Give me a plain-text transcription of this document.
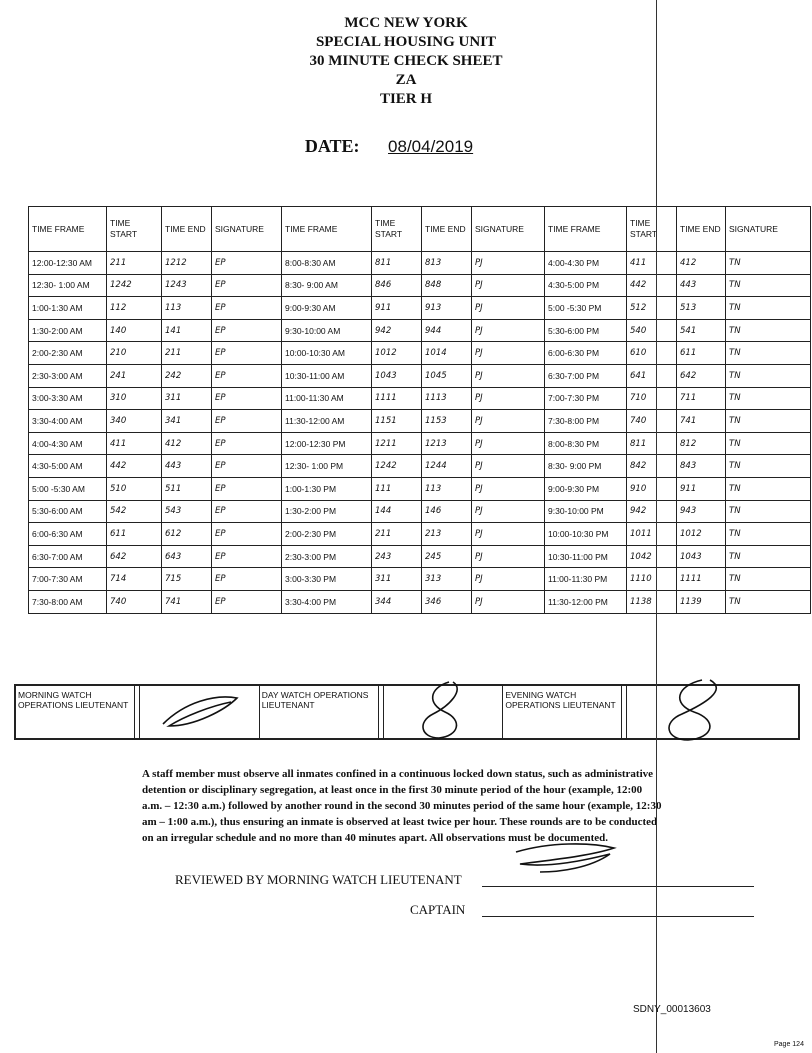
MCC NEW YORK
SPECIAL HOUSING UNIT
30 MINUTE CHECK SHEET
ZA
TIER H
DATE: 08/04/2019
TIME FRAME	TIME START	TIME END	SIGNATURE	TIME FRAME	TIME START	TIME END	SIGNATURE	TIME FRAME	TIME START	TIME END	SIGNATURE
12:00-12:30 AM	211	1212	EP	8:00-8:30 AM	811	813	PJ	4:00-4:30 PM	411	412	TN
12:30- 1:00 AM	1242	1243	EP	8:30- 9:00 AM	846	848	PJ	4:30-5:00 PM	442	443	TN
1:00-1:30 AM	112	113	EP	9:00-9:30 AM	911	913	PJ	5:00 -5:30 PM	512	513	TN
1:30-2:00 AM	140	141	EP	9:30-10:00 AM	942	944	PJ	5:30-6:00 PM	540	541	TN
2:00-2:30 AM	210	211	EP	10:00-10:30 AM	1012	1014	PJ	6:00-6:30 PM	610	611	TN
2:30-3:00 AM	241	242	EP	10:30-11:00 AM	1043	1045	PJ	6:30-7:00 PM	641	642	TN
3:00-3:30 AM	310	311	EP	11:00-11:30 AM	1111	1113	PJ	7:00-7:30 PM	710	711	TN
3:30-4:00 AM	340	341	EP	11:30-12:00 AM	1151	1153	PJ	7:30-8:00 PM	740	741	TN
4:00-4:30 AM	411	412	EP	12:00-12:30 PM	1211	1213	PJ	8:00-8:30 PM	811	812	TN
4:30-5:00 AM	442	443	EP	12:30- 1:00 PM	1242	1244	PJ	8:30- 9:00 PM	842	843	TN
5:00 -5:30 AM	510	511	EP	1:00-1:30 PM	111	113	PJ	9:00-9:30 PM	910	911	TN
5:30-6:00 AM	542	543	EP	1:30-2:00 PM	144	146	PJ	9:30-10:00 PM	942	943	TN
6:00-6:30 AM	611	612	EP	2:00-2:30 PM	211	213	PJ	10:00-10:30 PM	1011	1012	TN
6:30-7:00 AM	642	643	EP	2:30-3:00 PM	243	245	PJ	10:30-11:00 PM	1042	1043	TN
7:00-7:30 AM	714	715	EP	3:00-3:30 PM	311	313	PJ	11:00-11:30 PM	1110	1111	TN
7:30-8:00 AM	740	741	EP	3:30-4:00 PM	344	346	PJ	11:30-12:00 PM	1138	1139	TN
MORNING WATCH OPERATIONS LIEUTENANT
DAY WATCH OPERATIONS LIEUTENANT
EVENING WATCH OPERATIONS LIEUTENANT
A staff member must observe all inmates confined in a continuous locked down status, such as administrative
detention or disciplinary segregation, at least once in the first 30 minute period of the hour (example, 12:00
a.m. – 12:30 a.m.) followed by another round in the second 30 minutes period of the same hour (example, 12:30
am – 1:00 a.m.), thus ensuring an inmate is observed at least twice per hour. These rounds are to be conducted
on an irregular schedule and no more than 40 minutes apart. All observations must be documented.
REVIEWED BY MORNING WATCH LIEUTENANT
CAPTAIN
SDNY_00013603
Page 124
